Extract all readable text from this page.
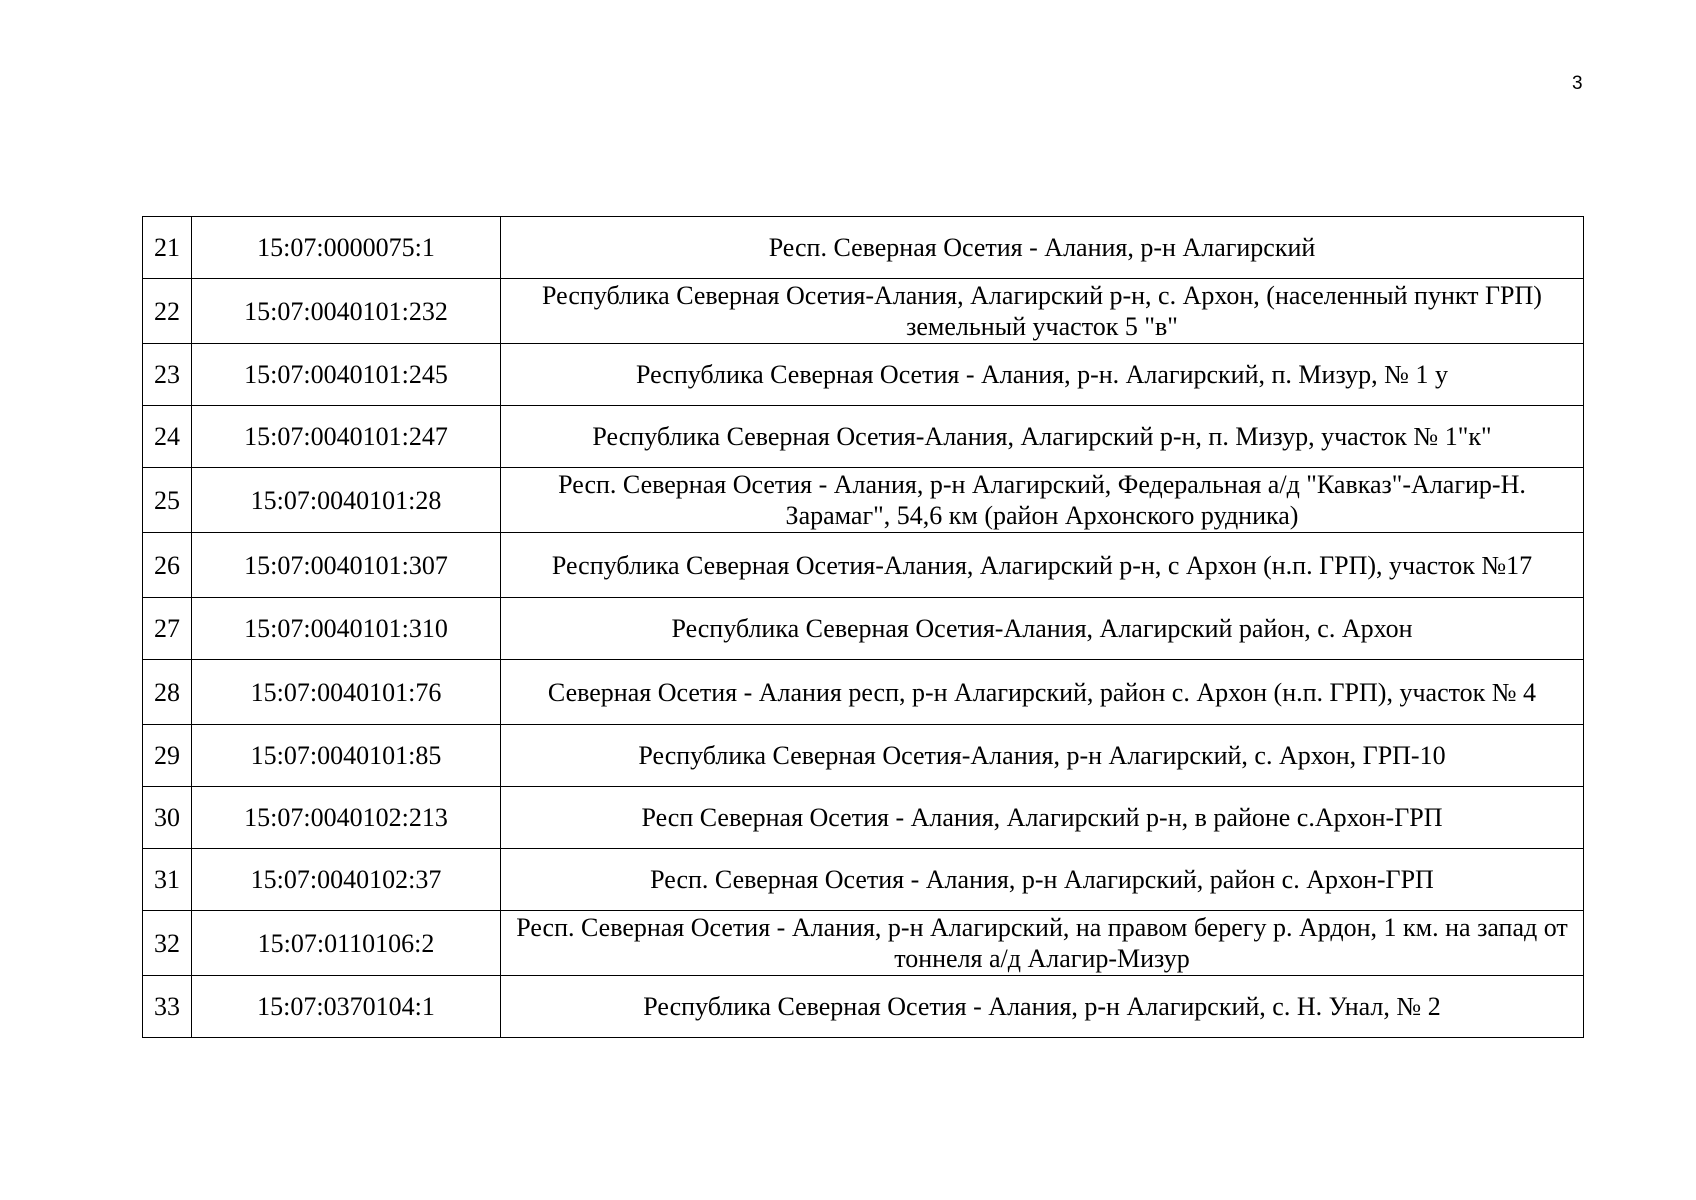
3
21	15:07:0000075:1	Респ. Северная Осетия - Алания, р-н Алагирский
22	15:07:0040101:232	Республика Северная Осетия-Алания, Алагирский р-н, с. Архон, (населенный пункт ГРП) земельный участок 5 "в"
23	15:07:0040101:245	Республика Северная Осетия - Алания, р-н. Алагирский, п. Мизур, № 1 у
24	15:07:0040101:247	Республика Северная Осетия-Алания, Алагирский р-н, п. Мизур, участок № 1"к"
25	15:07:0040101:28	Респ. Северная Осетия - Алания, р-н Алагирский, Федеральная а/д "Кавказ"-Алагир-Н. Зарамаг", 54,6 км (район Архонского рудника)
26	15:07:0040101:307	Республика Северная Осетия-Алания, Алагирский р-н, с Архон (н.п. ГРП), участок №17
27	15:07:0040101:310	Республика Северная Осетия-Алания, Алагирский район, с. Архон
28	15:07:0040101:76	Северная Осетия - Алания респ, р-н Алагирский, район с. Архон (н.п. ГРП), участок № 4
29	15:07:0040101:85	Республика Северная Осетия-Алания, р-н Алагирский, с. Архон, ГРП-10
30	15:07:0040102:213	Респ Северная Осетия - Алания, Алагирский р-н, в районе с.Архон-ГРП
31	15:07:0040102:37	Респ. Северная Осетия - Алания, р-н Алагирский, район с. Архон-ГРП
32	15:07:0110106:2	Респ. Северная Осетия - Алания, р-н Алагирский, на правом берегу р. Ардон, 1 км. на запад от тоннеля а/д Алагир-Мизур
33	15:07:0370104:1	Республика Северная Осетия - Алания, р-н Алагирский, с. Н. Унал, № 2
